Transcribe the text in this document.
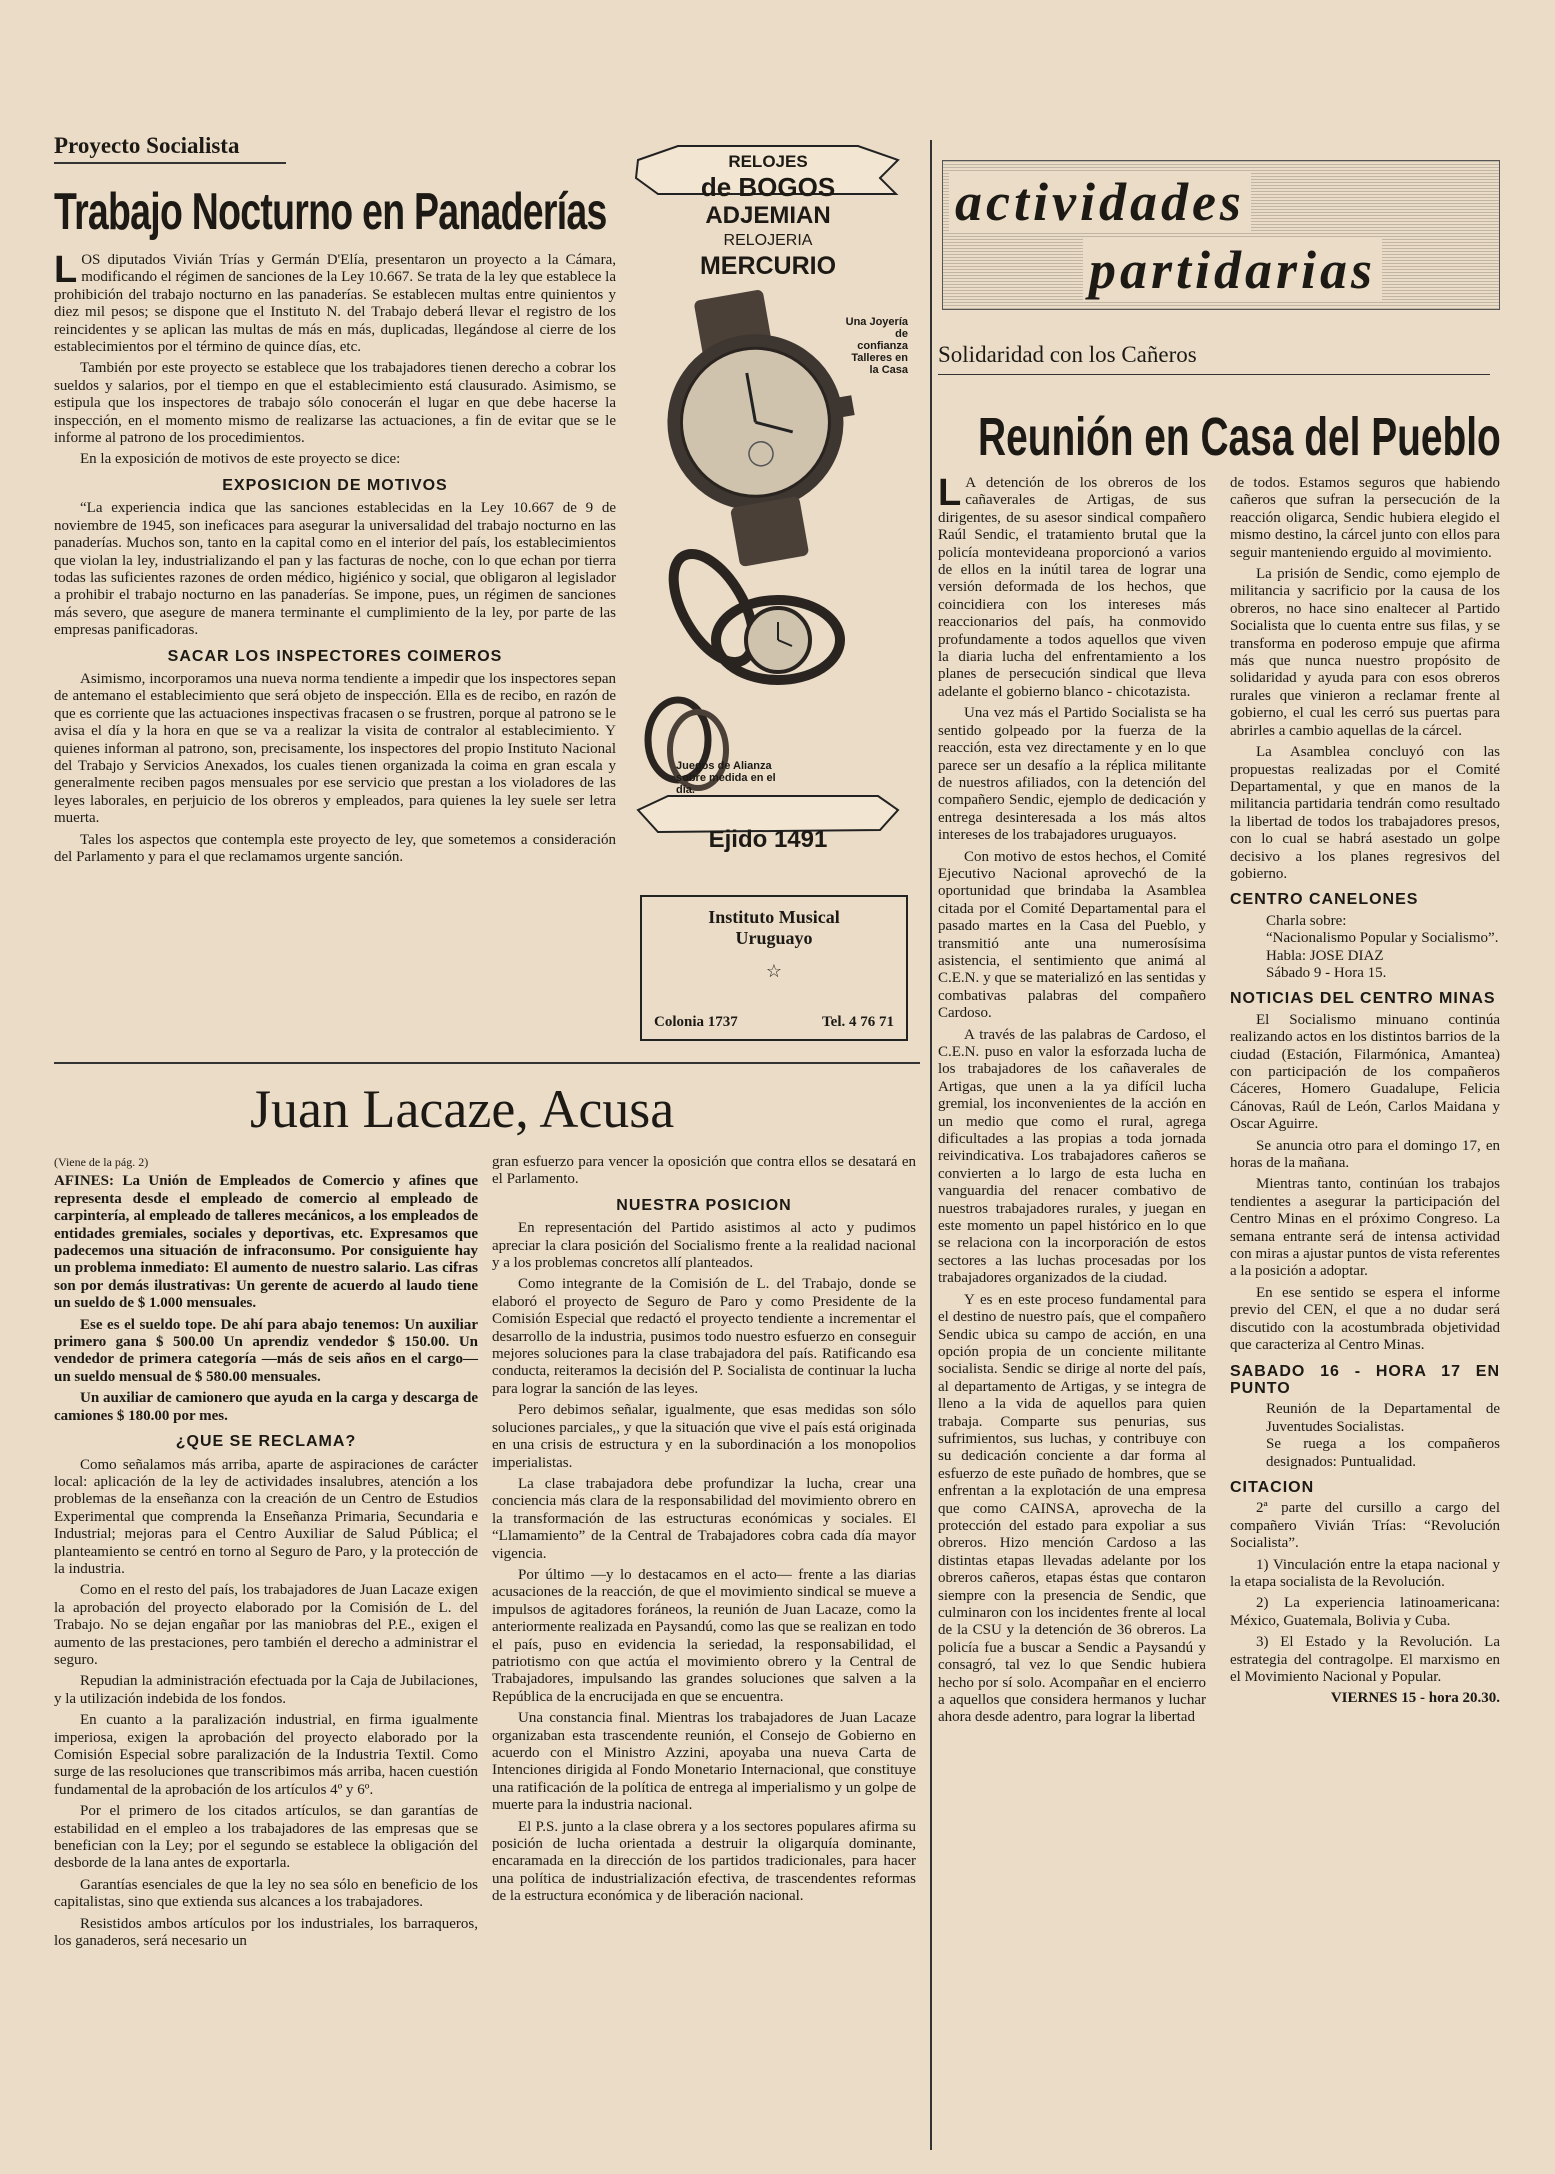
Proyecto Socialista
Trabajo Nocturno en Panaderías

LOS diputados Vivián Trías y Germán D'Elía, presentaron un proyecto a la Cámara, modificando el régimen de sanciones de la Ley 10.667. Se trata de la ley que establece la prohibición del trabajo nocturno en las panaderías. Se establecen multas entre quinientos y diez mil pesos; se dispone que el Instituto N. del Trabajo deberá llevar el registro de los reincidentes y se aplican las multas de más en más, duplicadas, llegándose al cierre de los establecimientos por el término de quince días, etc.

También por este proyecto se establece que los trabajadores tienen derecho a cobrar los sueldos y salarios, por el tiempo en que el establecimiento está clausurado. Asimismo, se estipula que los inspectores de trabajo sólo conocerán el lugar en que debe hacerse la inspección, en el momento mismo de realizarse las actuaciones, a fin de evitar que se le informe al patrono de los procedimientos.

En la exposición de motivos de este proyecto se dice:

EXPOSICION DE MOTIVOS

“La experiencia indica que las sanciones establecidas en la Ley 10.667 de 9 de noviembre de 1945, son ineficaces para asegurar la universalidad del trabajo nocturno en las panaderías. Muchos son, tanto en la capital como en el interior del país, los establecimientos que violan la ley, industrializando el pan y las facturas de noche, con lo que echan por tierra todas las suficientes razones de orden médico, higiénico y social, que obligaron al legislador a prohibir el trabajo nocturno en las panaderías. Se impone, pues, un régimen de sanciones más severo, que asegure de manera terminante el cumplimiento de la ley, por parte de las empresas panificadoras.

SACAR LOS INSPECTORES COIMEROS

Asimismo, incorporamos una nueva norma tendiente a impedir que los inspectores sepan de antemano el establecimiento que será objeto de inspección. Ella es de recibo, en razón de que es corriente que las actuaciones inspectivas fracasen o se frustren, porque al patrono se le avisa el día y la hora en que se va a realizar la visita de contralor al establecimiento. Y quienes informan al patrono, son, precisamente, los inspectores del propio Instituto Nacional del Trabajo y Servicios Anexados, los cuales tienen organizada la coima en gran escala y generalmente reciben pagos mensuales por ese servicio que prestan a los violadores de las leyes laborales, en perjuicio de los obreros y empleados, para quienes la ley suele ser letra muerta.

Tales los aspectos que contempla este proyecto de ley, que sometemos a consideración del Parlamento y para el que reclamamos urgente sanción.

RELOJES
de BOGOS
ADJEMIAN
RELOJERIA
MERCURIO
Una Joyería de confianza Talleres en la Casa
Juegos de Alianza sobre medida en el día.
Ejido 1491
Instituto Musical
Uruguayo
☆
Colonia 1737	Tel. 4 76 71
Juan Lacaze, Acusa
(Viene de la pág. 2)

AFINES: La Unión de Empleados de Comercio y afines que representa desde el empleado de comercio al empleado de carpintería, al empleado de talleres mecánicos, a los empleados de entidades gremiales, sociales y deportivas, etc. Expresamos que padecemos una situación de infraconsumo. Por consiguiente hay un problema inmediato: El aumento de nuestro salario. Las cifras son por demás ilustrativas: Un gerente de acuerdo al laudo tiene un sueldo de $ 1.000 mensuales.

Ese es el sueldo tope. De ahí para abajo tenemos: Un auxiliar primero gana $ 500.00 Un aprendiz vendedor $ 150.00. Un vendedor de primera categoría —más de seis años en el cargo— un sueldo mensual de $ 580.00 mensuales.

Un auxiliar de camionero que ayuda en la carga y descarga de camiones $ 180.00 por mes.

¿QUE SE RECLAMA?

Como señalamos más arriba, aparte de aspiraciones de carácter local: aplicación de la ley de actividades insalubres, atención a los problemas de la enseñanza con la creación de un Centro de Estudios Experimental que comprenda la Enseñanza Primaria, Secundaria e Industrial; mejoras para el Centro Auxiliar de Salud Pública; el planteamiento se centró en torno al Seguro de Paro, y la protección de la industria.

Como en el resto del país, los trabajadores de Juan Lacaze exigen la aprobación del proyecto elaborado por la Comisión de L. del Trabajo. No se dejan engañar por las maniobras del P.E., exigen el aumento de las prestaciones, pero también el derecho a administrar el seguro.

Repudian la administración efectuada por la Caja de Jubilaciones, y la utilización indebida de los fondos.

En cuanto a la paralización industrial, en firma igualmente imperiosa, exigen la aprobación del proyecto elaborado por la Comisión Especial sobre paralización de la Industria Textil. Como surge de las resoluciones que transcribimos más arriba, hacen cuestión fundamental de la aprobación de los artículos 4º y 6º.

Por el primero de los citados artículos, se dan garantías de estabilidad en el empleo a los trabajadores de las empresas que se benefician con la Ley; por el segundo se establece la obligación del desborde de la lana antes de exportarla.

Garantías esenciales de que la ley no sea sólo en beneficio de los capitalistas, sino que extienda sus alcances a los trabajadores.

Resistidos ambos artículos por los industriales, los barraqueros, los ganaderos, será necesario un

gran esfuerzo para vencer la oposición que contra ellos se desatará en el Parlamento.

NUESTRA POSICION

En representación del Partido asistimos al acto y pudimos apreciar la clara posición del Socialismo frente a la realidad nacional y a los problemas concretos allí planteados.

Como integrante de la Comisión de L. del Trabajo, donde se elaboró el proyecto de Seguro de Paro y como Presidente de la Comisión Especial que redactó el proyecto tendiente a incrementar el desarrollo de la industria, pusimos todo nuestro esfuerzo en conseguir mejores soluciones para la clase trabajadora del país. Ratificando esa conducta, reiteramos la decisión del P. Socialista de continuar la lucha para lograr la sanción de las leyes.

Pero debimos señalar, igualmente, que esas medidas son sólo soluciones parciales,, y que la situación que vive el país está originada en una crisis de estructura y en la subordinación a los monopolios imperialistas.

La clase trabajadora debe profundizar la lucha, crear una conciencia más clara de la responsabilidad del movimiento obrero en la transformación de las estructuras económicas y sociales. El “Llamamiento” de la Central de Trabajadores cobra cada día mayor vigencia.

Por último —y lo destacamos en el acto— frente a las diarias acusaciones de la reacción, de que el movimiento sindical se mueve a impulsos de agitadores foráneos, la reunión de Juan Lacaze, como la anteriormente realizada en Paysandú, como las que se realizan en todo el país, puso en evidencia la seriedad, la responsabilidad, el patriotismo con que actúa el movimiento obrero y la Central de Trabajadores, impulsando las grandes soluciones que salven a la República de la encrucijada en que se encuentra.

Una constancia final. Mientras los trabajadores de Juan Lacaze organizaban esta trascendente reunión, el Consejo de Gobierno en acuerdo con el Ministro Azzini, apoyaba una nueva Carta de Intenciones dirigida al Fondo Monetario Internacional, que constituye una ratificación de la política de entrega al imperialismo y un golpe de muerte para la industria nacional.

El P.S. junto a la clase obrera y a los sectores populares afirma su posición de lucha orientada a destruir la oligarquía dominante, encaramada en la dirección de los partidos tradicionales, para hacer una política de industrialización efectiva, de trascendentes reformas de la estructura económica y de liberación nacional.

actividades
partidarias
Solidaridad con los Cañeros
Reunión en Casa del Pueblo

L A detención de los obreros de los cañaverales de Artigas, de sus dirigentes, de su asesor sindical compañero Raúl Sendic, el tratamiento brutal que la policía montevideana proporcionó a varios de ellos en la inútil tarea de lograr una versión deformada de los hechos, que coincidiera con los intereses más reaccionarios del país, ha conmovido profundamente a todos aquellos que viven la diaria lucha del enfrentamiento a los planes de persecución sindical que lleva adelante el gobierno blanco - chicotazista.

Una vez más el Partido Socialista se ha sentido golpeado por la fuerza de la reacción, esta vez directamente y en lo que parece ser un desafío a la réplica militante de nuestros afiliados, con la detención del compañero Sendic, ejemplo de dedicación y entrega desinteresada a los más altos intereses de los trabajadores uruguayos.

Con motivo de estos hechos, el Comité Ejecutivo Nacional aprovechó de la oportunidad que brindaba la Asamblea citada por el Comité Departamental para el pasado martes en la Casa del Pueblo, y transmitió ante una numerosísima asistencia, el sentimiento que animá al C.E.N. y que se materializó en las sentidas y combativas palabras del compañero Cardoso.

A través de las palabras de Cardoso, el C.E.N. puso en valor la esforzada lucha de los trabajadores de los cañaverales de Artigas, que unen a la ya difícil lucha gremial, los inconvenientes de la acción en un medio que como el rural, agrega dificultades a las propias a toda jornada reivindicativa. Los trabajadores cañeros se convierten a lo largo de esta lucha en vanguardia del renacer combativo de nuestros trabajadores rurales, y juegan en este momento un papel histórico en lo que se relaciona con la incorporación de estos sectores a las luchas procesadas por los trabajadores organizados de la ciudad.

Y es en este proceso fundamental para el destino de nuestro país, que el compañero Sendic ubica su campo de acción, en una opción propia de un conciente militante socialista. Sendic se dirige al norte del país, al departamento de Artigas, y se integra de lleno a la vida de aquellos para quien trabaja. Comparte sus penurias, sus sufrimientos, sus luchas, y contribuye con su dedicación conciente a dar forma al esfuerzo de este puñado de hombres, que se enfrentan a la explotación de una empresa que como CAINSA, aprovecha de la protección del estado para expoliar a sus obreros. Hizo mención Cardoso a las distintas etapas llevadas adelante por los obreros cañeros, etapas éstas que contaron siempre con la presencia de Sendic, que culminaron con los incidentes frente al local de la CSU y la detención de 36 obreros. La policía fue a buscar a Sendic a Paysandú y consagró, tal vez lo que Sendic hubiera hecho por sí solo. Acompañar en el encierro a aquellos que considera hermanos y luchar ahora desde adentro, para lograr la libertad

de todos. Estamos seguros que habiendo cañeros que sufran la persecución de la reacción oligarca, Sendic hubiera elegido el mismo destino, la cárcel junto con ellos para seguir manteniendo erguido al movimiento.

La prisión de Sendic, como ejemplo de militancia y sacrificio por la causa de los obreros, no hace sino enaltecer al Partido Socialista que lo cuenta entre sus filas, y se transforma en poderoso empuje que afirma más que nunca nuestro propósito de solidaridad y ayuda para con esos obreros rurales que vinieron a reclamar frente al gobierno, el cual les cerró sus puertas para abrirles a cambio aquellas de la cárcel.

La Asamblea concluyó con las propuestas realizadas por el Comité Departamental, y que en manos de la militancia partidaria tendrán como resultado la libertad de todos los trabajadores presos, con lo cual se habrá asestado un golpe decisivo a los planes regresivos del gobierno.

CENTRO CANELONES
Charla sobre:
“Nacionalismo Popular y Socialismo”.
Habla: JOSE DIAZ
Sábado 9 - Hora 15.
NOTICIAS DEL CENTRO MINAS

El Socialismo minuano continúa realizando actos en los distintos barrios de la ciudad (Estación, Filarmónica, Amantea) con participación de los compañeros Cáceres, Homero Guadalupe, Felicia Cánovas, Raúl de León, Carlos Maidana y Oscar Aguirre.

Se anuncia otro para el domingo 17, en horas de la mañana.

Mientras tanto, continúan los trabajos tendientes a asegurar la participación del Centro Minas en el próximo Congreso. La semana entrante será de intensa actividad con miras a ajustar puntos de vista referentes a la posición a adoptar.

En ese sentido se espera el informe previo del CEN, el que a no dudar será discutido con la acostumbrada objetividad que caracteriza al Centro Minas.

SABADO 16 - HORA 17 EN PUNTO
Reunión de la Departamental de Juventudes Socialistas.
Se ruega a los compañeros designados: Puntualidad.
CITACION

2ª parte del cursillo a cargo del compañero Vivián Trías: “Revolución Socialista”.

1) Vinculación entre la etapa nacional y la etapa socialista de la Revolución.

2) La experiencia latinoamericana: México, Guatemala, Bolivia y Cuba.

3) El Estado y la Revolución. La estrategia del contragolpe. El marxismo en el Movimiento Nacional y Popular.

VIERNES 15 - hora 20.30.
